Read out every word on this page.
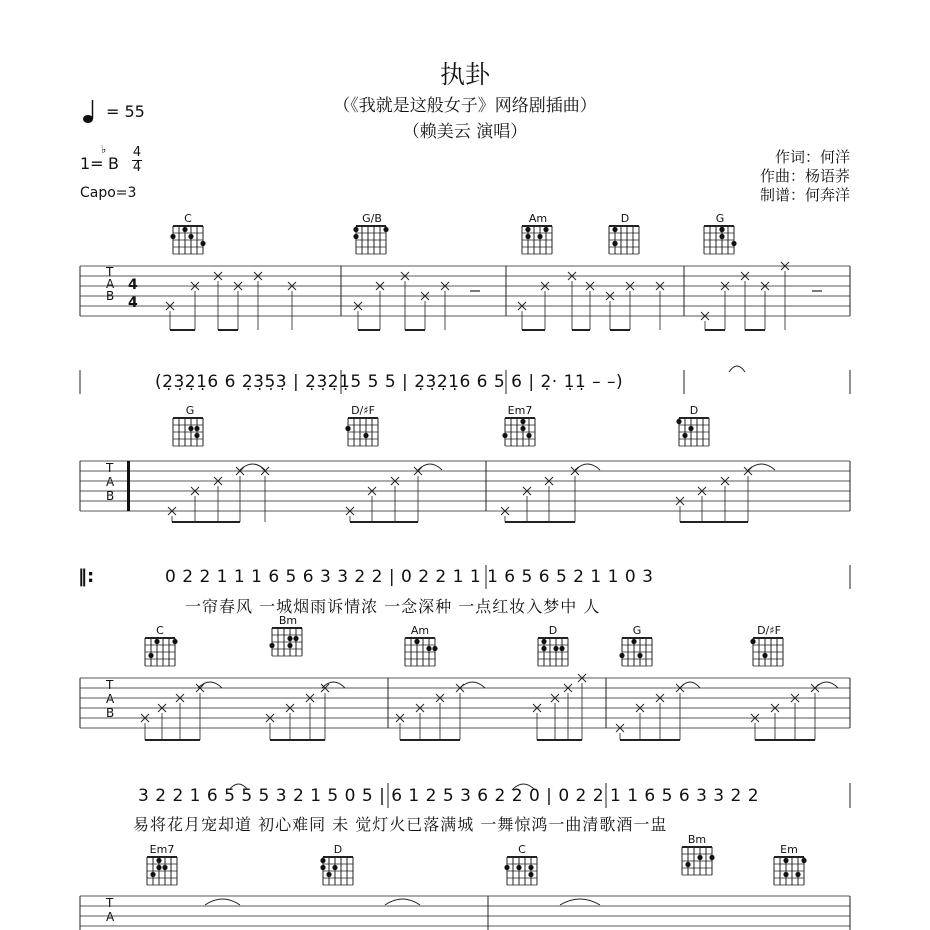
执卦
（《我就是这般女子》网络剧插曲）
（赖美云 演唱）
= 55
1=
♭
B
4
4
Capo=3
作词：何洋
作曲：杨语荞
制谱：何奔洋
C	G/B	Am	D	G
G	D/♯F	Em7	D
C
Bm
Am	D	G	D/♯F
Em7	D	C
Bm
Em
T
A
B
T
A
B
T
A
B
T
A
4
4
(2̣3̣2̣1̣6 6 2̣3̣5̣3̣ | 2̣3̣2̣1̣5 5 5 | 2̣3̣2̣1̣6 6 5 6 | 2̣· 1̣1̣ – –)
‖:	0 2 2 1 1 1 6 5 6 3 3 2 2 | 0 2 2 1 1 1 6 5 6 5 2 1 1 0 3
一帘春风 一城烟雨诉情浓 一念深种 一点红妆入梦中 人
3 2 2 1 6 5 5 5 3 2 1 5 0 5 | 6 1 2 5 3 6 2 2 0 | 0 2 2 1 1 6 5 6 3 3 2 2
易将花月宠却道 初心难同 未 觉灯火已落满城 一舞惊鸿一曲清歌酒一盅
